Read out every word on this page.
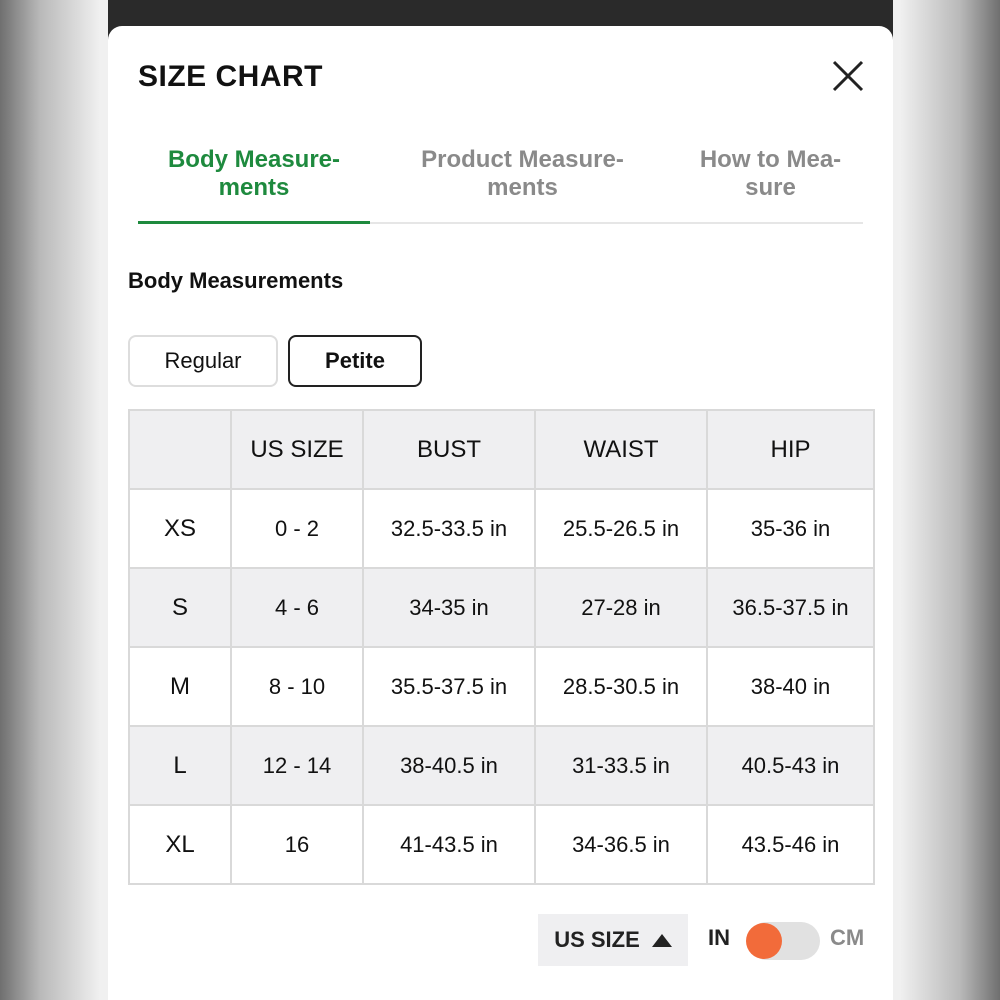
SIZE CHART
Body Measure-
ments
Product Measure-
ments
How to Mea-
sure
Body Measurements
Regular	Petite
	US SIZE	BUST	WAIST	HIP
XS	0 - 2	32.5-33.5 in	25.5-26.5 in	35-36 in
S	4 - 6	34-35 in	27-28 in	36.5-37.5 in
M	8 - 10	35.5-37.5 in	28.5-30.5 in	38-40 in
L	12 - 14	38-40.5 in	31-33.5 in	40.5-43 in
XL	16	41-43.5 in	34-36.5 in	43.5-46 in
US SIZE	IN	CM
